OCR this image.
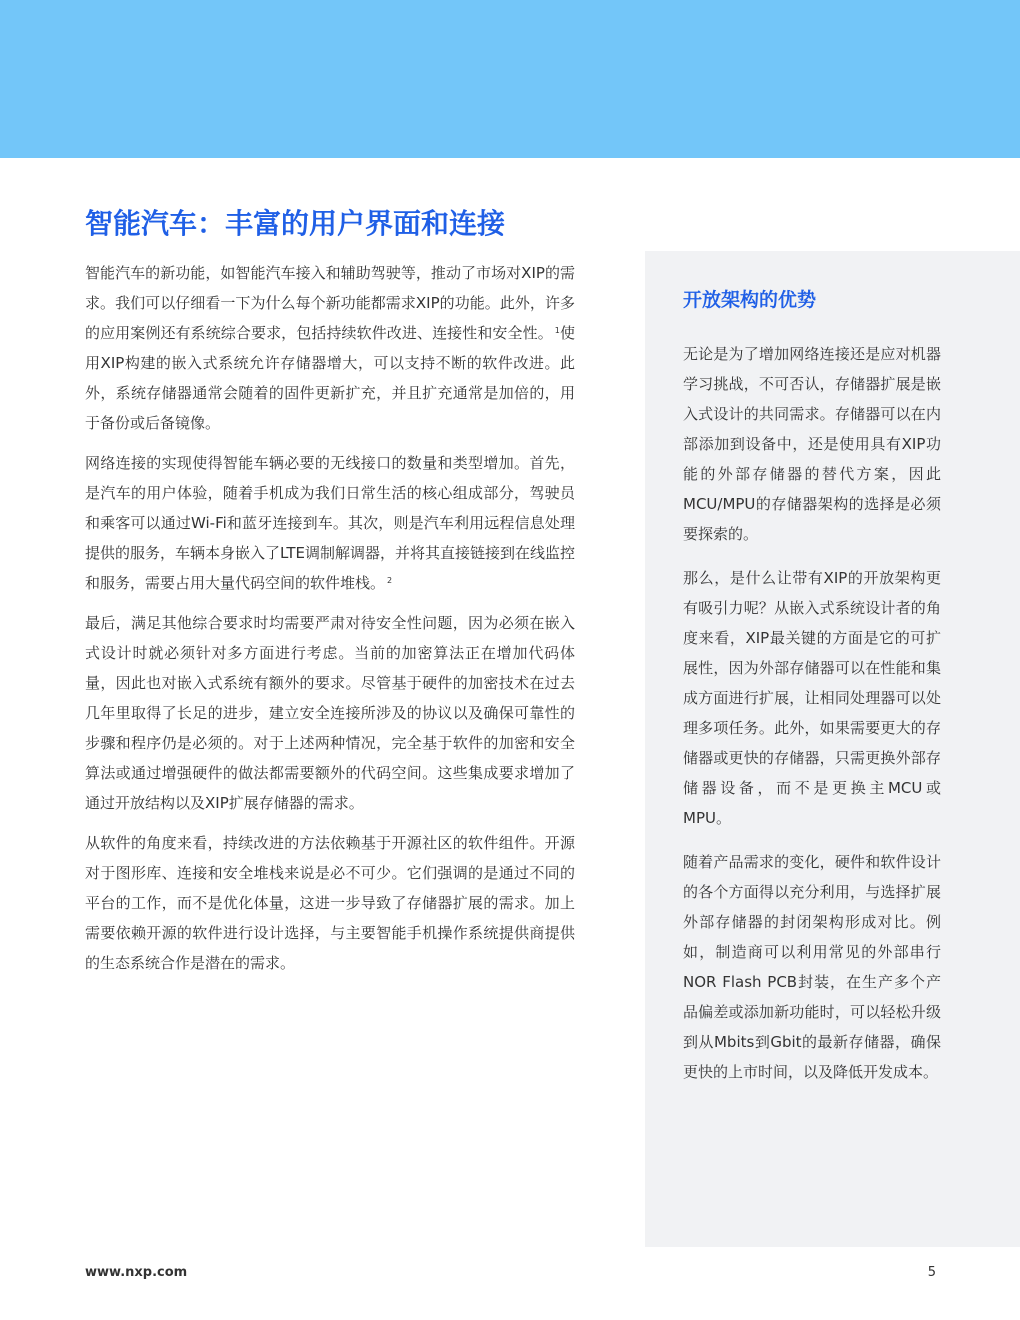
智能汽车：丰富的用户界面和连接

智能汽车的新功能，如智能汽车接入和辅助驾驶等，推动了市场对XIP的需求。我们可以仔细看一下为什么每个新功能都需求XIP的功能。此外，许多的应用案例还有系统综合要求，包括持续软件改进、连接性和安全性。 $^1$使用XIP构建的嵌入式系统允许存储器增大，可以支持不断的软件改进。此外，系统存储器通常会随着的固件更新扩充，并且扩充通常是加倍的，用于备份或后备镜像。

网络连接的实现使得智能车辆必要的无线接口的数量和类型增加。首先，是汽车的用户体验，随着手机成为我们日常生活的核心组成部分，驾驶员和乘客可以通过Wi-Fi和蓝牙连接到车。其次，则是汽车利用远程信息处理提供的服务，车辆本身嵌入了LTE调制解调器，并将其直接链接到在线监控和服务，需要占用大量代码空间的软件堆栈。 $^2$

最后，满足其他综合要求时均需要严肃对待安全性问题，因为必须在嵌入式设计时就必须针对多方面进行考虑。当前的加密算法正在增加代码体量，因此也对嵌入式系统有额外的要求。尽管基于硬件的加密技术在过去几年里取得了长足的进步，建立安全连接所涉及的协议以及确保可靠性的步骤和程序仍是必须的。对于上述两种情况，完全基于软件的加密和安全算法或通过增强硬件的做法都需要额外的代码空间。这些集成要求增加了通过开放结构以及XIP扩展存储器的需求。

从软件的角度来看，持续改进的方法依赖基于开源社区的软件组件。开源对于图形库、连接和安全堆栈来说是必不可少。它们强调的是通过不同的平台的工作，而不是优化体量，这进一步导致了存储器扩展的需求。加上需要依赖开源的软件进行设计选择，与主要智能手机操作系统提供商提供的生态系统合作是潜在的需求。

开放架构的优势

无论是为了增加网络连接还是应对机器学习挑战，不可否认，存储器扩展是嵌入式设计的共同需求。存储器可以在内部添加到设备中，还是使用具有XIP功能的外部存储器的替代方案，因此MCU/MPU的存储器架构的选择是必须要探索的。

那么，是什么让带有XIP的开放架构更有吸引力呢？从嵌入式系统设计者的角度来看，XIP最关键的方面是它的可扩展性，因为外部存储器可以在性能和集成方面进行扩展，让相同处理器可以处理多项任务。此外，如果需要更大的存储器或更快的存储器，只需更换外部存储器设备，而不是更换主MCU或MPU。

随着产品需求的变化，硬件和软件设计的各个方面得以充分利用，与选择扩展外部存储器的封闭架构形成对比。例如，制造商可以利用常见的外部串行NOR Flash PCB封装，在生产多个产品偏差或添加新功能时，可以轻松升级到从Mbits到Gbit的最新存储器，确保更快的上市时间，以及降低开发成本。

www.nxp.com	5
